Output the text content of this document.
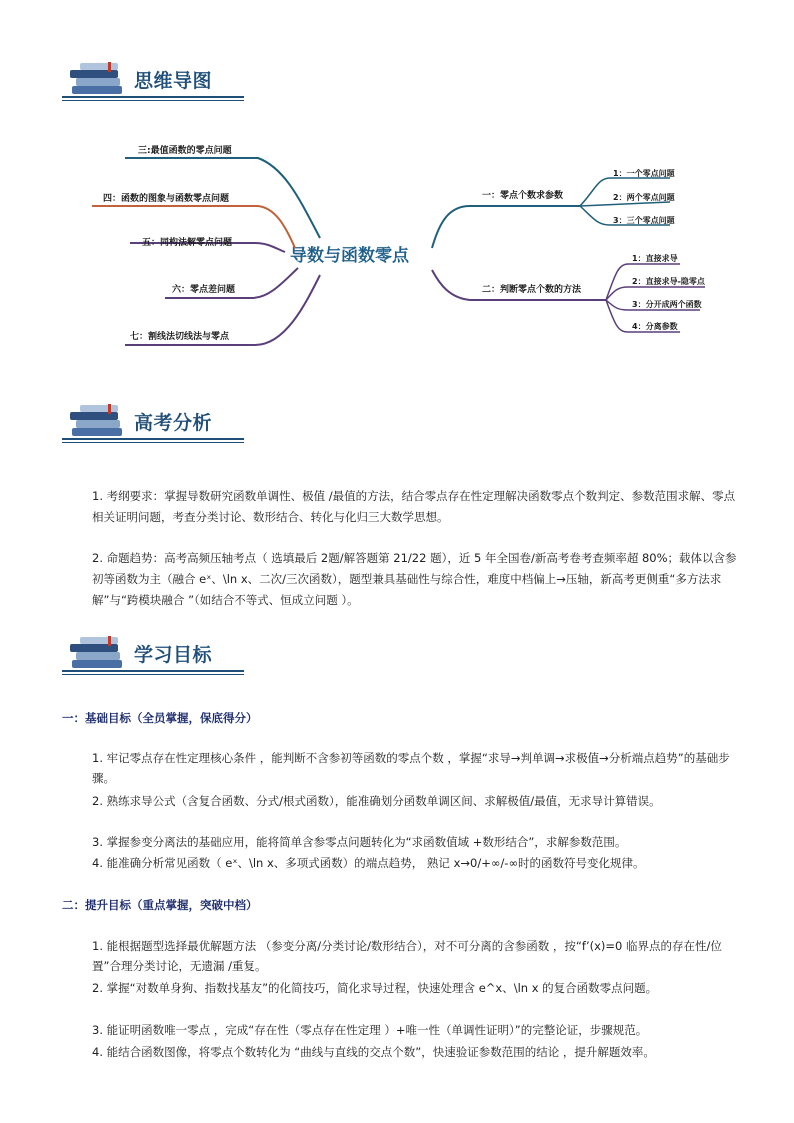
思维导图
导数与函数零点
三:最值函数的零点问题
四：函数的图象与函数零点问题
五：同构法解零点问题
六：零点差问题
七：割线法切线法与零点
一：零点个数求参数
1：一个零点问题
2：两个零点问题
3：三个零点问题
二：判断零点个数的方法
1：直接求导
2：直接求导-隐零点
3：分开成两个函数
4：分离参数
高考分析
1. 考纲要求：掌握导数研究函数单调性、极值 /最值的方法，结合零点存在性定理解决函数零点个数判定、参数范围求解、零点相关证明问题，考查分类讨论、数形结合、转化与化归三大数学思想。
2. 命题趋势：高考高频压轴考点（ 选填最后 2题/解答题第 21/22 题），近 5 年全国卷/新高考卷考查频率超 80%；载体以含参初等函数为主（融合 eˣ、\ln x、二次/三次函数），题型兼具基础性与综合性，难度中档偏上→压轴，新高考更侧重“多方法求解”与“跨模块融合 ”（如结合不等式、恒成立问题 ）。
学习目标
一：基础目标（全员掌握，保底得分）
1. 牢记零点存在性定理核心条件 ，能判断不含参初等函数的零点个数 ，掌握“求导→判单调→求极值→分析端点趋势”的基础步骤。
2. 熟练求导公式（含复合函数、分式/根式函数），能准确划分函数单调区间、求解极值/最值，无求导计算错误。
3. 掌握参变分离法的基础应用，能将简单含参零点问题转化为“求函数值域 +数形结合”，求解参数范围。
4. 能准确分析常见函数（ eˣ、\ln x、多项式函数）的端点趋势， 熟记 x→0/+∞/-∞时的函数符号变化规律。
二：提升目标（重点掌握，突破中档）
1. 能根据题型选择最优解题方法 （参变分离/分类讨论/数形结合），对不可分离的含参函数 ，按“f’(x)=0 临界点的存在性/位置”合理分类讨论，无遗漏 /重复。
2. 掌握“对数单身狗、指数找基友”的化简技巧，简化求导过程，快速处理含 e^x、\ln x 的复合函数零点问题。
3. 能证明函数唯一零点 ，完成“存在性（零点存在性定理 ）+唯一性（单调性证明）”的完整论证，步骤规范。
4. 能结合函数图像，将零点个数转化为 “曲线与直线的交点个数”，快速验证参数范围的结论 ，提升解题效率。
